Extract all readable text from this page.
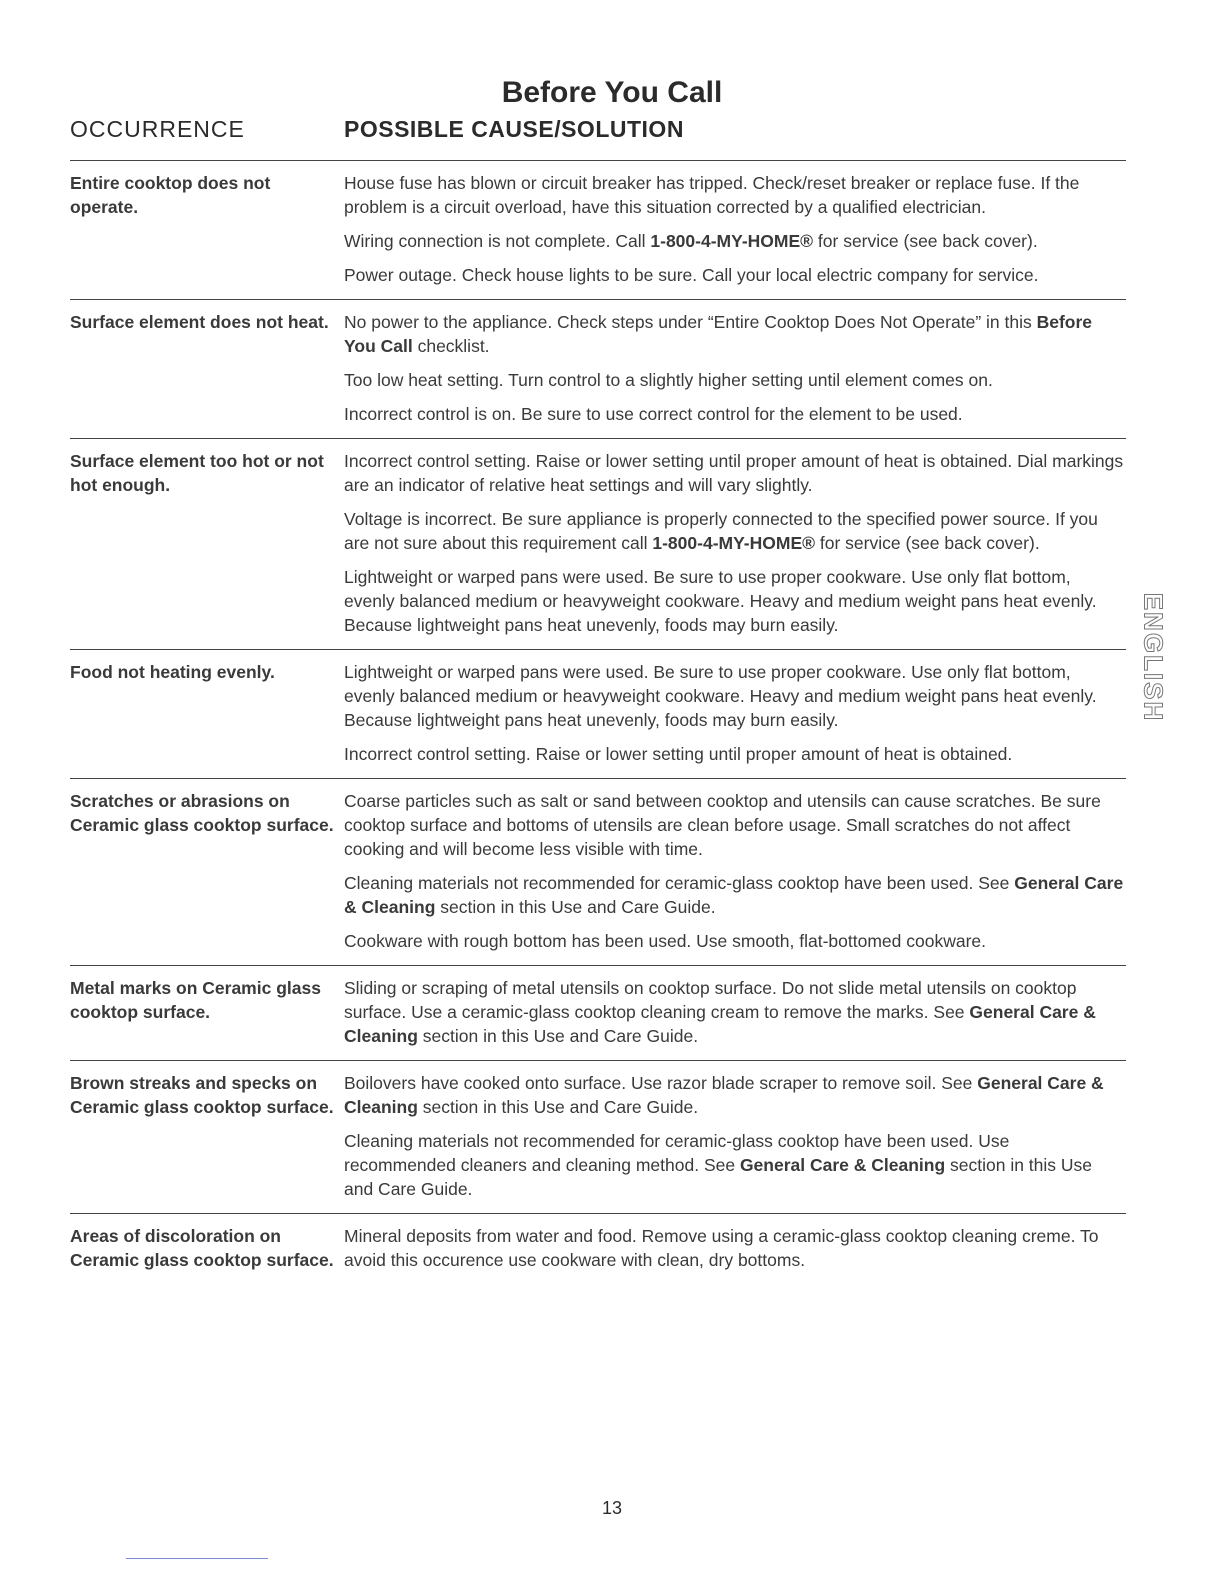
Before You Call
OCCURRENCE	POSSIBLE CAUSE/SOLUTION
Entire cooktop does not operate.

House fuse has blown or circuit breaker has tripped. Check/reset breaker or replace fuse. If the problem is a circuit overload, have this situation corrected by a qualified electrician.

Wiring connection is not complete. Call 1-800-4-MY-HOME® for service (see back cover).

Power outage. Check house lights to be sure. Call your local electric company for service.

Surface element does not heat. No power to the appliance. Check steps under “Entire Cooktop Does Not Operate” in this Before You Call checklist.

Too low heat setting. Turn control to a slightly higher setting until element comes on.

Incorrect control is on. Be sure to use correct control for the element to be used.

Surface element too hot or not hot enough.

Incorrect control setting. Raise or lower setting until proper amount of heat is obtained. Dial markings are an indicator of relative heat settings and will vary slightly.

Voltage is incorrect. Be sure appliance is properly connected to the specified power source. If you are not sure about this requirement call 1-800-4-MY-HOME® for service (see back cover).

Lightweight or warped pans were used. Be sure to use proper cookware. Use only flat bottom, evenly balanced medium or heavyweight cookware. Heavy and medium weight pans heat evenly. Because lightweight pans heat unevenly, foods may burn easily.

Food not heating evenly.	Lightweight or warped pans were used. Be sure to use proper cookware. Use only flat bottom, evenly balanced medium or heavyweight cookware. Heavy and medium weight pans heat evenly. Because lightweight pans heat unevenly, foods may burn easily.

Incorrect control setting. Raise or lower setting until proper amount of heat is obtained.

Scratches or abrasions on Ceramic glass cooktop surface.

Coarse particles such as salt or sand between cooktop and utensils can cause scratches. Be sure cooktop surface and bottoms of utensils are clean before usage. Small scratches do not affect cooking and will become less visible with time.

Cleaning materials not recommended for ceramic-glass cooktop have been used. See General Care & Cleaning section in this Use and Care Guide.

Cookware with rough bottom has been used. Use smooth, flat-bottomed cookware.

Metal marks on Ceramic glass cooktop surface.

Sliding or scraping of metal utensils on cooktop surface. Do not slide metal utensils on cooktop surface. Use a ceramic-glass cooktop cleaning cream to remove the marks. See General Care & Cleaning section in this Use and Care Guide.

Brown streaks and specks on Ceramic glass cooktop surface.

Boilovers have cooked onto surface. Use razor blade scraper to remove soil. See General Care & Cleaning section in this Use and Care Guide.

Cleaning materials not recommended for ceramic-glass cooktop have been used. Use recommended cleaners and cleaning method. See General Care & Cleaning section in this Use and Care Guide.

Areas of discoloration on Ceramic glass cooktop surface.

Mineral deposits from water and food. Remove using a ceramic-glass cooktop cleaning creme. To avoid this occurence use cookware with clean, dry bottoms.

ENGLISH
13
